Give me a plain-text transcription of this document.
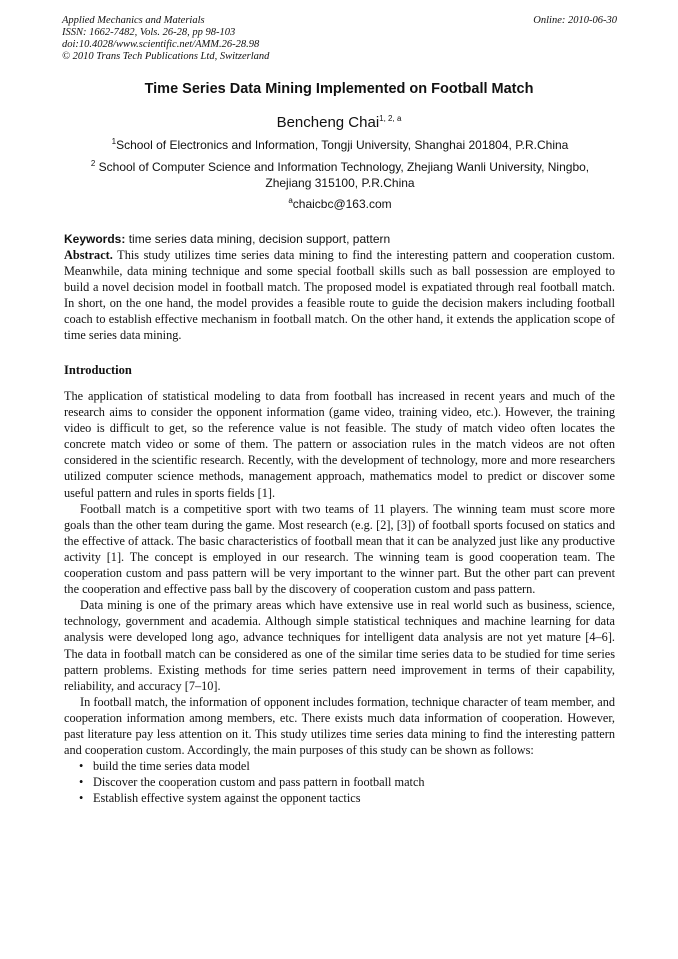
Applied Mechanics and Materials
ISSN: 1662-7482, Vols. 26-28, pp 98-103
doi:10.4028/www.scientific.net/AMM.26-28.98
© 2010 Trans Tech Publications Ltd, Switzerland
Online: 2010-06-30
Time Series Data Mining Implemented on Football Match
Bencheng Chai$^{1, 2, a}$
$^1$School of Electronics and Information, Tongji University, Shanghai 201804, P.R.China
$^2$ School of Computer Science and Information Technology, Zhejiang Wanli University, Ningbo, Zhejiang 315100, P.R.China
$^a$chaicbc@163.com
Keywords: time series data mining, decision support, pattern
Abstract. This study utilizes time series data mining to find the interesting pattern and cooperation custom. Meanwhile, data mining technique and some special football skills such as ball possession are employed to build a novel decision model in football match. The proposed model is expatiated through real football match. In short, on the one hand, the model provides a feasible route to guide the decision makers including football coach to establish effective mechanism in football match. On the other hand, it extends the application scope of time series data mining.
Introduction

The application of statistical modeling to data from football has increased in recent years and much of the research aims to consider the opponent information (game video, training video, etc.). However, the training video is difficult to get, so the reference value is not feasible. The study of match video often locates the concrete match video or some of them. The pattern or association rules in the match videos are not often considered in the scientific research. Recently, with the development of technology, more and more researchers utilized computer science methods, management approach, mathematics model to predict or discover some useful pattern and rules in sports fields [1].

Football match is a competitive sport with two teams of 11 players. The winning team must score more goals than the other team during the game. Most research (e.g. [2], [3]) of football sports focused on statics and the effective of attack. The basic characteristics of football mean that it can be analyzed just like any productive activity [1]. The concept is employed in our research. The winning team is good cooperation team. The cooperation custom and pass pattern will be very important to the winner part. But the other part can prevent the cooperation and effective pass ball by the discovery of cooperation custom and pass pattern.

Data mining is one of the primary areas which have extensive use in real world such as business, science, technology, government and academia. Although simple statistical techniques and machine learning for data analysis were developed long ago, advance techniques for intelligent data analysis are not yet mature [4–6]. The data in football match can be considered as one of the similar time series data to be studied for time series pattern problems. Existing methods for time series pattern need improvement in terms of their capability, reliability, and accuracy [7–10].

In football match, the information of opponent includes formation, technique character of team member, and cooperation information among members, etc. There exists much data information of cooperation. However, past literature pay less attention on it. This study utilizes time series data mining to find the interesting pattern and cooperation custom. Accordingly, the main purposes of this study can be shown as follows:

• build the time series data model
• Discover the cooperation custom and pass pattern in football match
• Establish effective system against the opponent tactics
